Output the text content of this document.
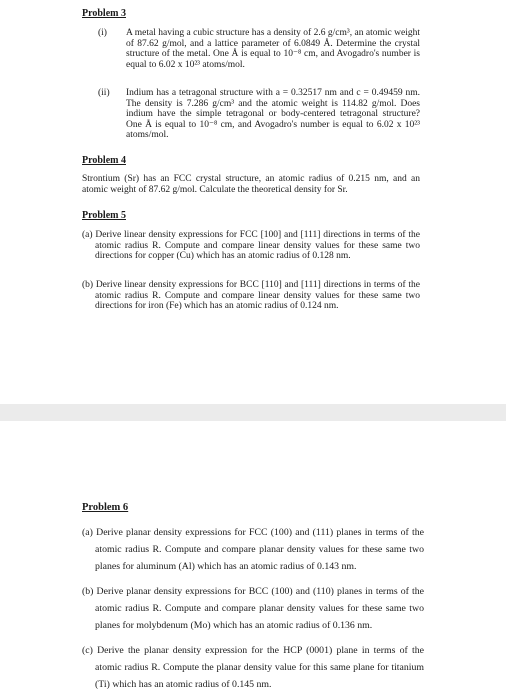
Problem 3
(i) A metal having a cubic structure has a density of 2.6 g/cm³, an atomic weight of 87.62 g/mol, and a lattice parameter of 6.0849 Å. Determine the crystal structure of the metal. One Å is equal to 10⁻⁸ cm, and Avogadro's number is equal to 6.02 x 10²³ atoms/mol.

(ii) Indium has a tetragonal structure with a = 0.32517 nm and c = 0.49459 nm. The density is 7.286 g/cm³ and the atomic weight is 114.82 g/mol. Does indium have the simple tetragonal or body-centered tetragonal structure? One Å is equal to 10⁻⁸ cm, and Avogadro's number is equal to 6.02 x 10²³ atoms/mol.

Problem 4

Strontium (Sr) has an FCC crystal structure, an atomic radius of 0.215 nm, and an atomic weight of 87.62 g/mol. Calculate the theoretical density for Sr.

Problem 5

(a) Derive linear density expressions for FCC [100] and [111] directions in terms of the atomic radius R. Compute and compare linear density values for these same two directions for copper (Cu) which has an atomic radius of 0.128 nm.

(b) Derive linear density expressions for BCC [110] and [111] directions in terms of the atomic radius R. Compute and compare linear density values for these same two directions for iron (Fe) which has an atomic radius of 0.124 nm.

Problem 6

(a) Derive planar density expressions for FCC (100) and (111) planes in terms of the atomic radius R. Compute and compare planar density values for these same two planes for aluminum (Al) which has an atomic radius of 0.143 nm.

(b) Derive planar density expressions for BCC (100) and (110) planes in terms of the atomic radius R. Compute and compare planar density values for these same two planes for molybdenum (Mo) which has an atomic radius of 0.136 nm.

(c) Derive the planar density expression for the HCP (0001) plane in terms of the atomic radius R. Compute the planar density value for this same plane for titanium (Ti) which has an atomic radius of 0.145 nm.
